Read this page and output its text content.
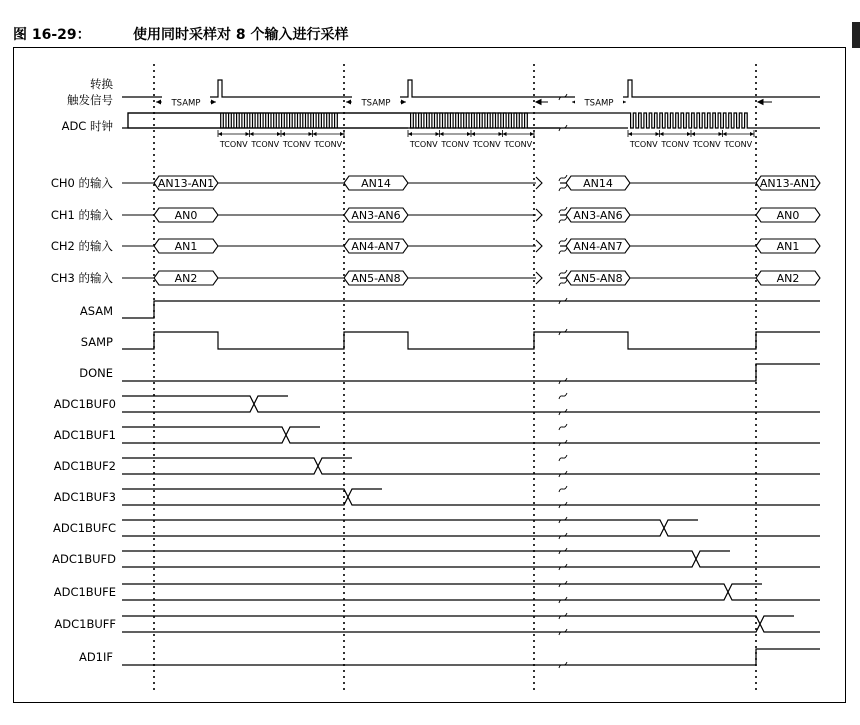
图 16-29：	使用同时采样对 8 个输入进行采样
TSAMP	TSAMP	TSAMP
TCONV TCONV TCONV TCONV	TCONV TCONV TCONV TCONV	TCONV TCONV TCONV TCONV
转换
触发信号
ADC 时钟
CH0 的输入
CH1 的输入
CH2 的输入
CH3 的输入
ASAM
SAMP
DONE
ADC1BUF0
ADC1BUF1
ADC1BUF2
ADC1BUF3
ADC1BUFC
ADC1BUFD
ADC1BUFE
ADC1BUFF
AD1IF
AN13-AN1	AN14	AN14	AN13-AN1
AN0	AN3-AN6	AN3-AN6	AN0
AN1	AN4-AN7	AN4-AN7	AN1
AN2	AN5-AN8	AN5-AN8	AN2
